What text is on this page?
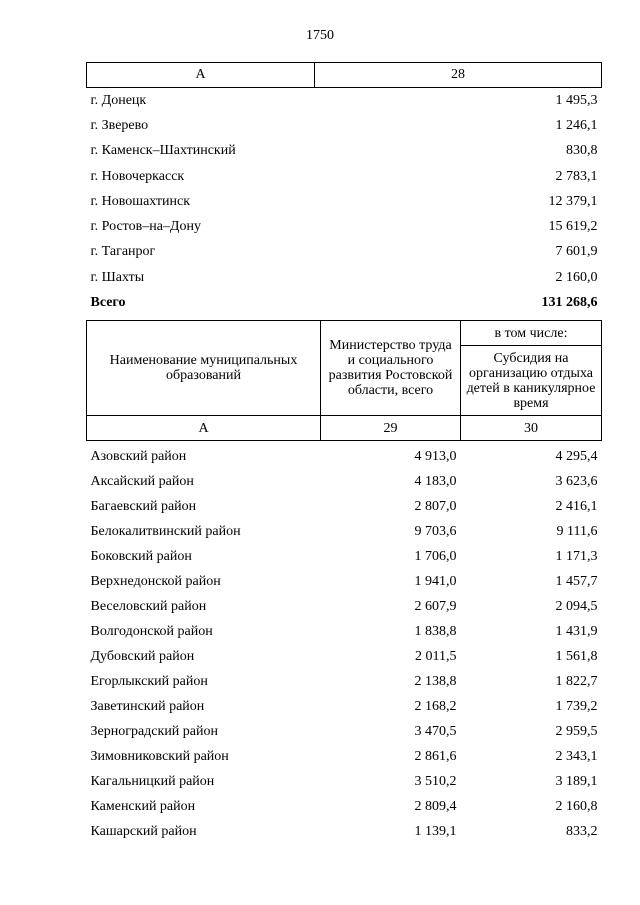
1750
А	28
г. Донецк	1 495,3
г. Зверево	1 246,1
г. Каменск–Шахтинский	830,8
г. Новочеркасск	2 783,1
г. Новошахтинск	12 379,1
г. Ростов–на–Дону	15 619,2
г. Таганрог	7 601,9
г. Шахты	2 160,0
Всего	131 268,6
Наименование муниципальных образований	Министерство труда и социального развития Ростовской области, всего	в том числе:
		Субсидия на организацию отдыха детей в каникулярное время
А	29	30

Азовский район	4 913,0	4 295,4
Аксайский район	4 183,0	3 623,6
Багаевский район	2 807,0	2 416,1
Белокалитвинский район	9 703,6	9 111,6
Боковский район	1 706,0	1 171,3
Верхнедонской район	1 941,0	1 457,7
Веселовский район	2 607,9	2 094,5
Волгодонской район	1 838,8	1 431,9
Дубовский район	2 011,5	1 561,8
Егорлыкский район	2 138,8	1 822,7
Заветинский район	2 168,2	1 739,2
Зерноградский район	3 470,5	2 959,5
Зимовниковский район	2 861,6	2 343,1
Кагальницкий район	3 510,2	3 189,1
Каменский район	2 809,4	2 160,8
Кашарский район	1 139,1	833,2
